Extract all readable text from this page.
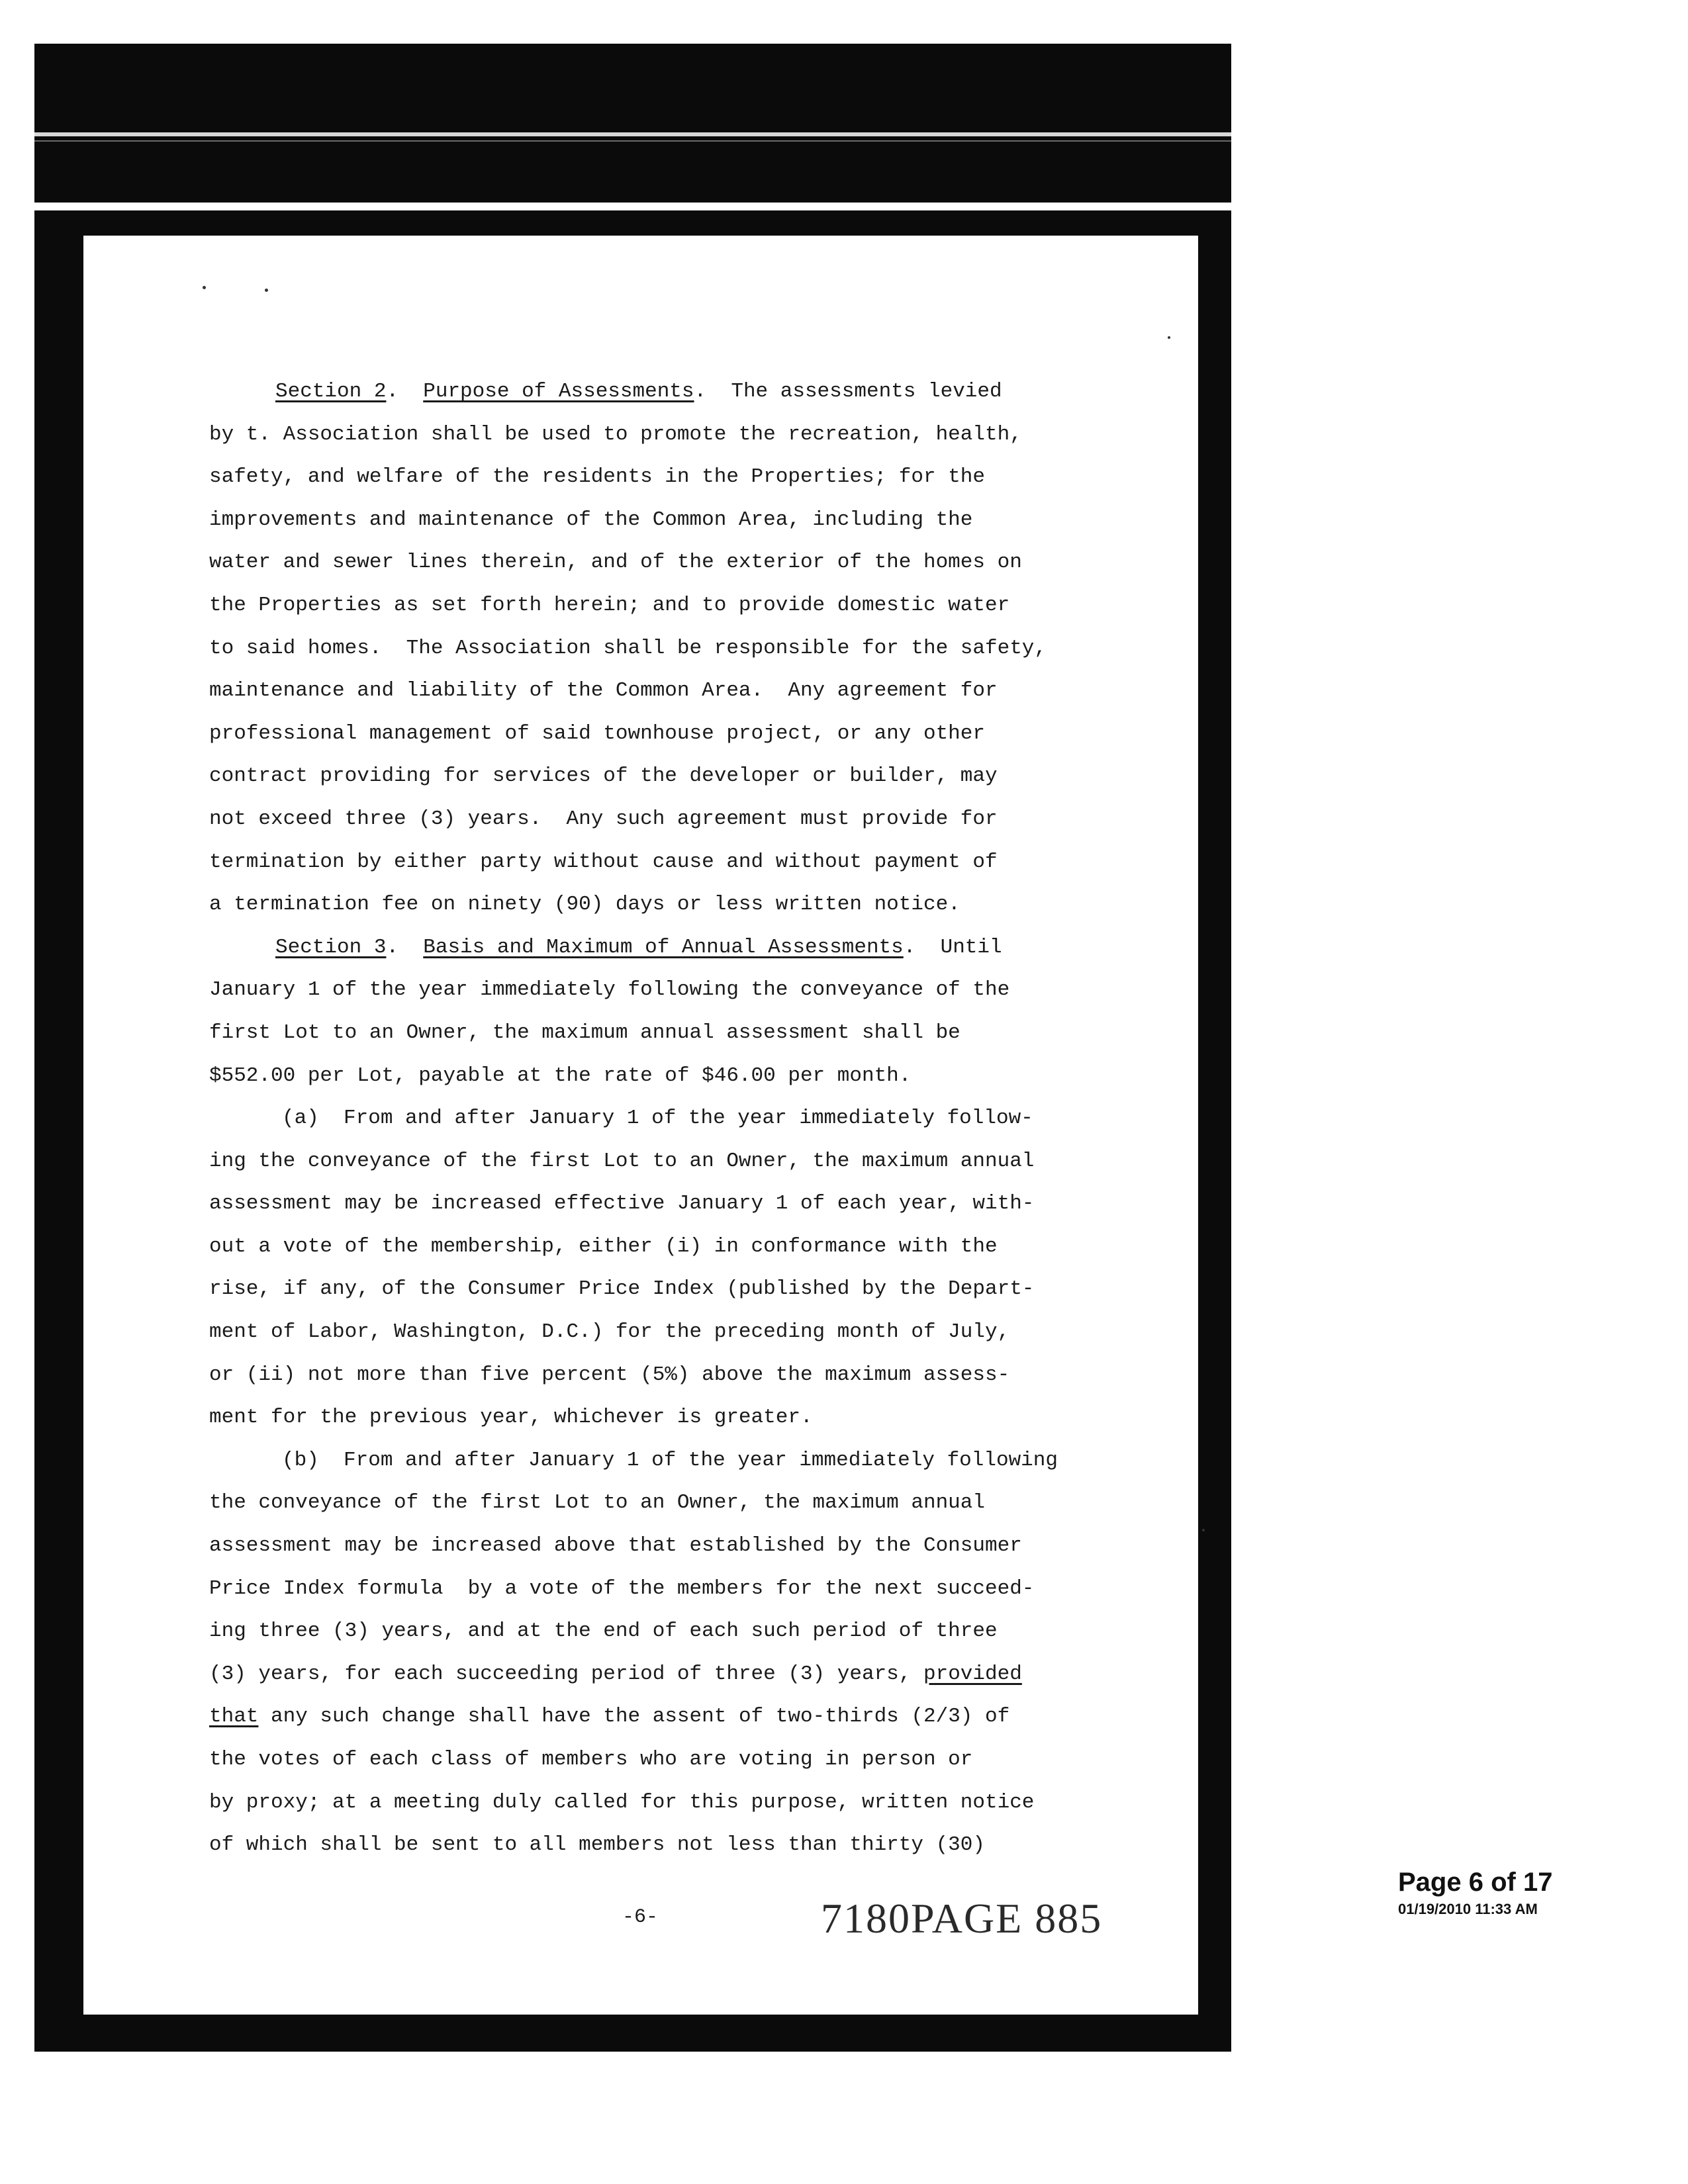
Section 2.  Purpose of Assessments.  The assessments levied
by t. Association shall be used to promote the recreation, health,
safety, and welfare of the residents in the Properties; for the
improvements and maintenance of the Common Area, including the
water and sewer lines therein, and of the exterior of the homes on
the Properties as set forth herein; and to provide domestic water
to said homes.  The Association shall be responsible for the safety,
maintenance and liability of the Common Area.  Any agreement for
professional management of said townhouse project, or any other
contract providing for services of the developer or builder, may
not exceed three (3) years.  Any such agreement must provide for
termination by either party without cause and without payment of
a termination fee on ninety (90) days or less written notice.
Section 3.  Basis and Maximum of Annual Assessments.  Until
January 1 of the year immediately following the conveyance of the
first Lot to an Owner, the maximum annual assessment shall be
$552.00 per Lot, payable at the rate of $46.00 per month.
(a)  From and after January 1 of the year immediately follow-
ing the conveyance of the first Lot to an Owner, the maximum annual
assessment may be increased effective January 1 of each year, with-
out a vote of the membership, either (i) in conformance with the
rise, if any, of the Consumer Price Index (published by the Depart-
ment of Labor, Washington, D.C.) for the preceding month of July,
or (ii) not more than five percent (5%) above the maximum assess-
ment for the previous year, whichever is greater.
(b)  From and after January 1 of the year immediately following
the conveyance of the first Lot to an Owner, the maximum annual
assessment may be increased above that established by the Consumer
Price Index formula  by a vote of the members for the next succeed-
ing three (3) years, and at the end of each such period of three
(3) years, for each succeeding period of three (3) years, provided
that any such change shall have the assent of two-thirds (2/3) of
the votes of each class of members who are voting in person or
by proxy; at a meeting duly called for this purpose, written notice
of which shall be sent to all members not less than thirty (30)
-6-	7180PAGE 885
Page 6 of 17
01/19/2010 11:33 AM
